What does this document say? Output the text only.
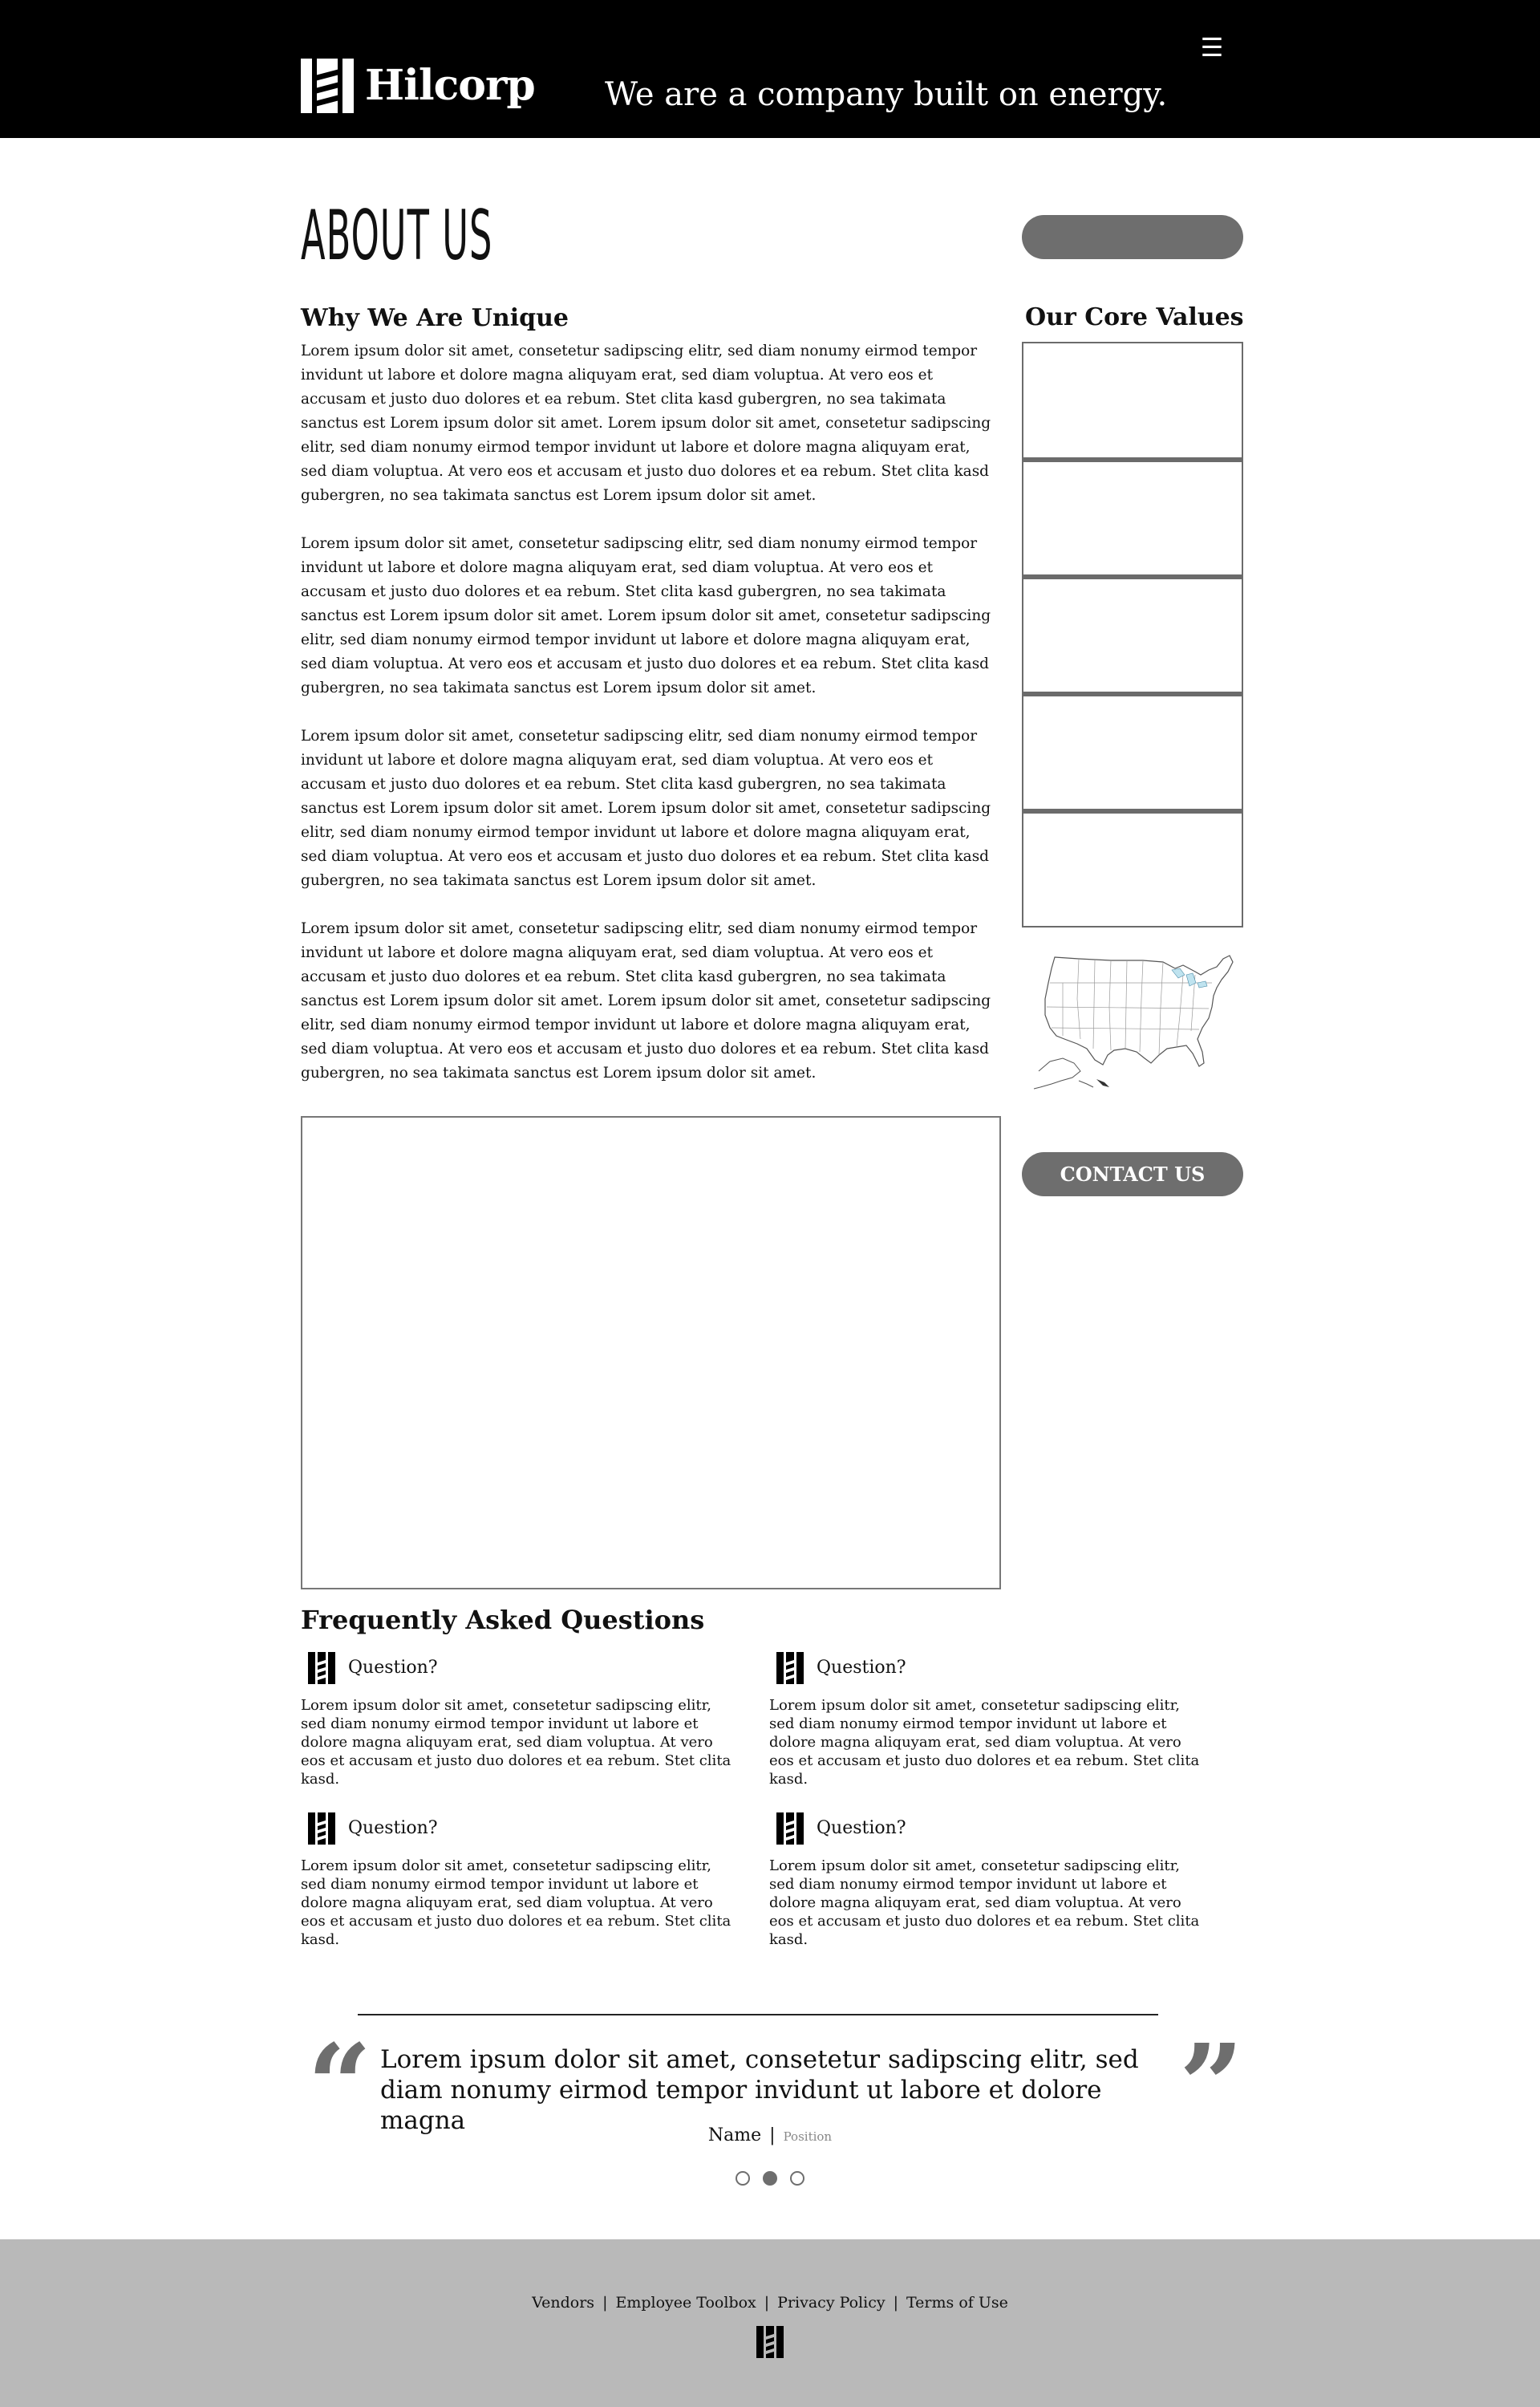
Hilcorp We are a company built on energy.
☰
ABOUT US
Why We Are Unique

Lorem ipsum dolor sit amet, consetetur sadipscing elitr, sed diam nonumy eirmod tempor invidunt ut labore et dolore magna aliquyam erat, sed diam voluptua. At vero eos et accusam et justo duo dolores et ea rebum. Stet clita kasd gubergren, no sea takimata sanctus est Lorem ipsum dolor sit amet. Lorem ipsum dolor sit amet, consetetur sadipscing elitr, sed diam nonumy eirmod tempor invidunt ut labore et dolore magna aliquyam erat, sed diam voluptua. At vero eos et accusam et justo duo dolores et ea rebum. Stet clita kasd gubergren, no sea takimata sanctus est Lorem ipsum dolor sit amet.

Lorem ipsum dolor sit amet, consetetur sadipscing elitr, sed diam nonumy eirmod tempor invidunt ut labore et dolore magna aliquyam erat, sed diam voluptua. At vero eos et accusam et justo duo dolores et ea rebum. Stet clita kasd gubergren, no sea takimata sanctus est Lorem ipsum dolor sit amet. Lorem ipsum dolor sit amet, consetetur sadipscing elitr, sed diam nonumy eirmod tempor invidunt ut labore et dolore magna aliquyam erat, sed diam voluptua. At vero eos et accusam et justo duo dolores et ea rebum. Stet clita kasd gubergren, no sea takimata sanctus est Lorem ipsum dolor sit amet.

Lorem ipsum dolor sit amet, consetetur sadipscing elitr, sed diam nonumy eirmod tempor invidunt ut labore et dolore magna aliquyam erat, sed diam voluptua. At vero eos et accusam et justo duo dolores et ea rebum. Stet clita kasd gubergren, no sea takimata sanctus est Lorem ipsum dolor sit amet. Lorem ipsum dolor sit amet, consetetur sadipscing elitr, sed diam nonumy eirmod tempor invidunt ut labore et dolore magna aliquyam erat, sed diam voluptua. At vero eos et accusam et justo duo dolores et ea rebum. Stet clita kasd gubergren, no sea takimata sanctus est Lorem ipsum dolor sit amet.

Lorem ipsum dolor sit amet, consetetur sadipscing elitr, sed diam nonumy eirmod tempor invidunt ut labore et dolore magna aliquyam erat, sed diam voluptua. At vero eos et accusam et justo duo dolores et ea rebum. Stet clita kasd gubergren, no sea takimata sanctus est Lorem ipsum dolor sit amet. Lorem ipsum dolor sit amet, consetetur sadipscing elitr, sed diam nonumy eirmod tempor invidunt ut labore et dolore magna aliquyam erat, sed diam voluptua. At vero eos et accusam et justo duo dolores et ea rebum. Stet clita kasd gubergren, no sea takimata sanctus est Lorem ipsum dolor sit amet.

Our Core Values
CONTACT US
Frequently Asked Questions
Question?

Lorem ipsum dolor sit amet, consetetur sadipscing elitr, sed diam nonumy eirmod tempor invidunt ut labore et dolore magna aliquyam erat, sed diam voluptua. At vero eos et accusam et justo duo dolores et ea rebum. Stet clita kasd.

Question?

Lorem ipsum dolor sit amet, consetetur sadipscing elitr, sed diam nonumy eirmod tempor invidunt ut labore et dolore magna aliquyam erat, sed diam voluptua. At vero eos et accusam et justo duo dolores et ea rebum. Stet clita kasd.

Question?

Lorem ipsum dolor sit amet, consetetur sadipscing elitr, sed diam nonumy eirmod tempor invidunt ut labore et dolore magna aliquyam erat, sed diam voluptua. At vero eos et accusam et justo duo dolores et ea rebum. Stet clita kasd.

Question?

Lorem ipsum dolor sit amet, consetetur sadipscing elitr, sed diam nonumy eirmod tempor invidunt ut labore et dolore magna aliquyam erat, sed diam voluptua. At vero eos et accusam et justo duo dolores et ea rebum. Stet clita kasd.

“ Lorem ipsum dolor sit amet, consetetur sadipscing elitr, sed diam nonumy eirmod tempor invidunt ut labore et dolore magna	”
Name | Position
Vendors | Employee Toolbox | Privacy Policy | Terms of Use
